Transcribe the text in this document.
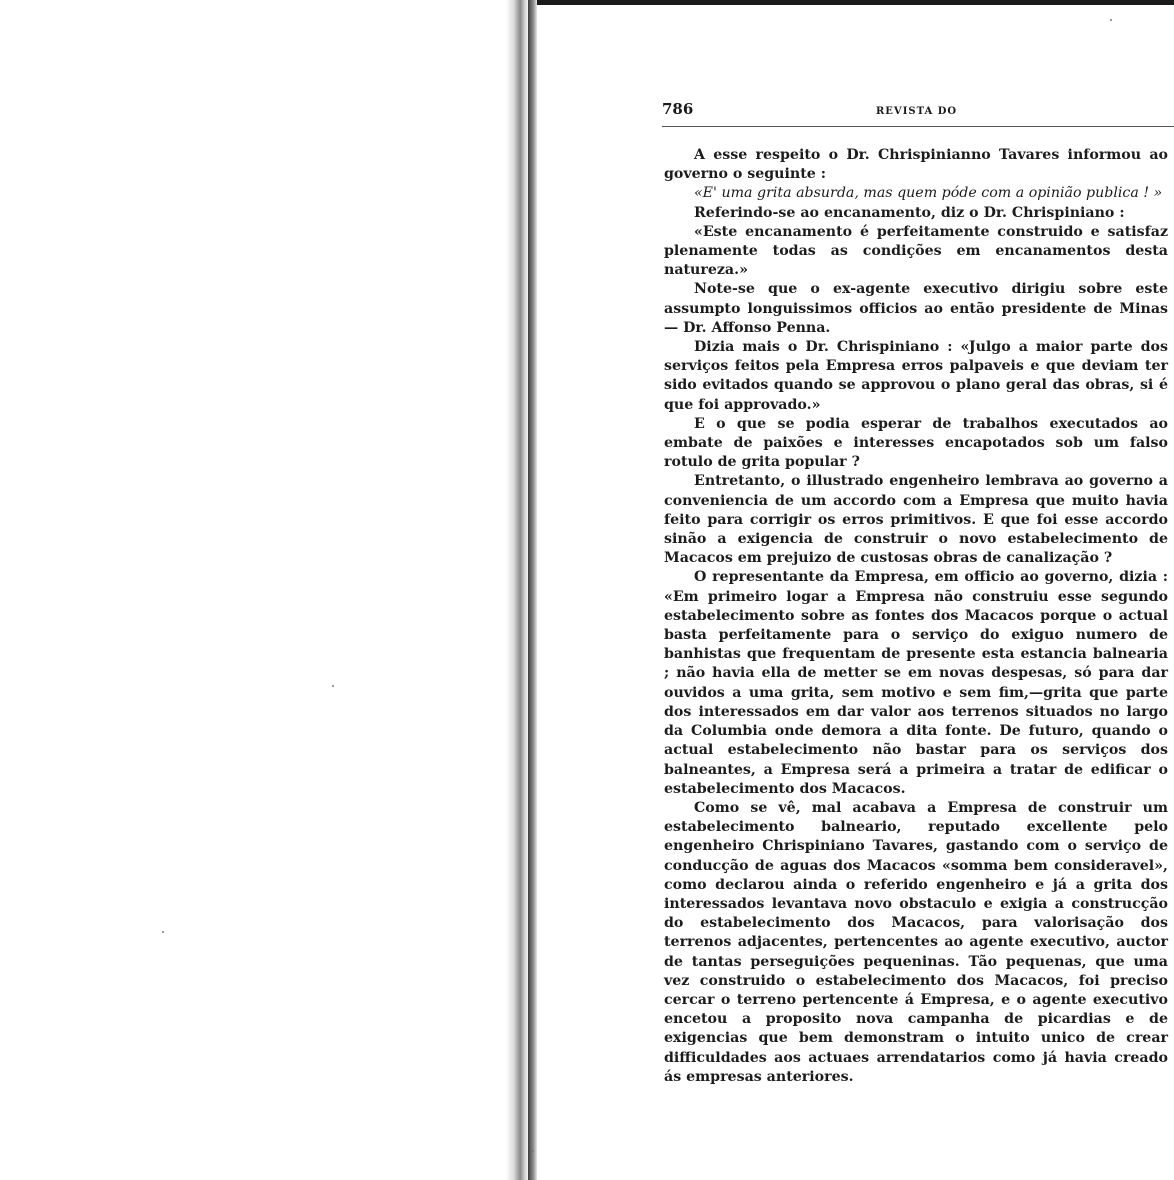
786	REVISTA DO

A esse respeito o Dr. Chrispinianno Tavares informou ao governo o seguinte :

«E' uma grita absurda, mas quem póde com a opinião publica ! »

Referindo-se ao encanamento, diz o Dr. Chrispiniano :

«Este encanamento é perfeitamente construido e satisfaz plenamente todas as condições em encanamentos desta natureza.»

Note-se que o ex-agente executivo dirigiu sobre este assumpto longuissimos officios ao então presidente de Minas — Dr. Affonso Penna.

Dizia mais o Dr. Chrispiniano : «Julgo a maior parte dos serviços feitos pela Empresa erros palpaveis e que deviam ter sido evitados quando se approvou o plano geral das obras, si é que foi approvado.»

E o que se podia esperar de trabalhos executados ao embate de paixões e interesses encapotados sob um falso rotulo de grita popular ?

Entretanto, o illustrado engenheiro lembrava ao governo a conveniencia de um accordo com a Empresa que muito havia feito para corrigir os erros primitivos. E que foi esse accordo sinão a exigencia de construir o novo estabelecimento de Macacos em prejuizo de custosas obras de canalização ?

O representante da Empresa, em officio ao governo, dizia : «Em primeiro logar a Empresa não construiu esse segundo estabelecimento sobre as fontes dos Macacos porque o actual basta perfeitamente para o serviço do exiguo numero de banhistas que frequentam de presente esta estancia balnearia ; não havia ella de metter se em novas despesas, só para dar ouvidos a uma grita, sem motivo e sem fim,—grita que parte dos interessados em dar valor aos terrenos situados no largo da Columbia onde demora a dita fonte. De futuro, quando o actual estabelecimento não bastar para os serviços dos balneantes, a Empresa será a primeira a tratar de edificar o estabelecimento dos Macacos.

Como se vê, mal acabava a Empresa de construir um estabelecimento balneario, reputado excellente pelo engenheiro Chrispiniano Tavares, gastando com o serviço de conducção de aguas dos Macacos «somma bem consideravel», como declarou ainda o referido engenheiro e já a grita dos interessados levantava novo obstaculo e exigia a construcção do estabelecimento dos Macacos, para valorisação dos terrenos adjacentes, pertencentes ao agente executivo, auctor de tantas perseguições pequeninas. Tão pequenas, que uma vez construido o estabelecimento dos Macacos, foi preciso cercar o terreno pertencente á Empresa, e o agente executivo encetou a proposito nova campanha de picardias e de exigencias que bem demonstram o intuito unico de crear difficuldades aos actuaes arrendatarios como já havia creado ás empresas anteriores.
